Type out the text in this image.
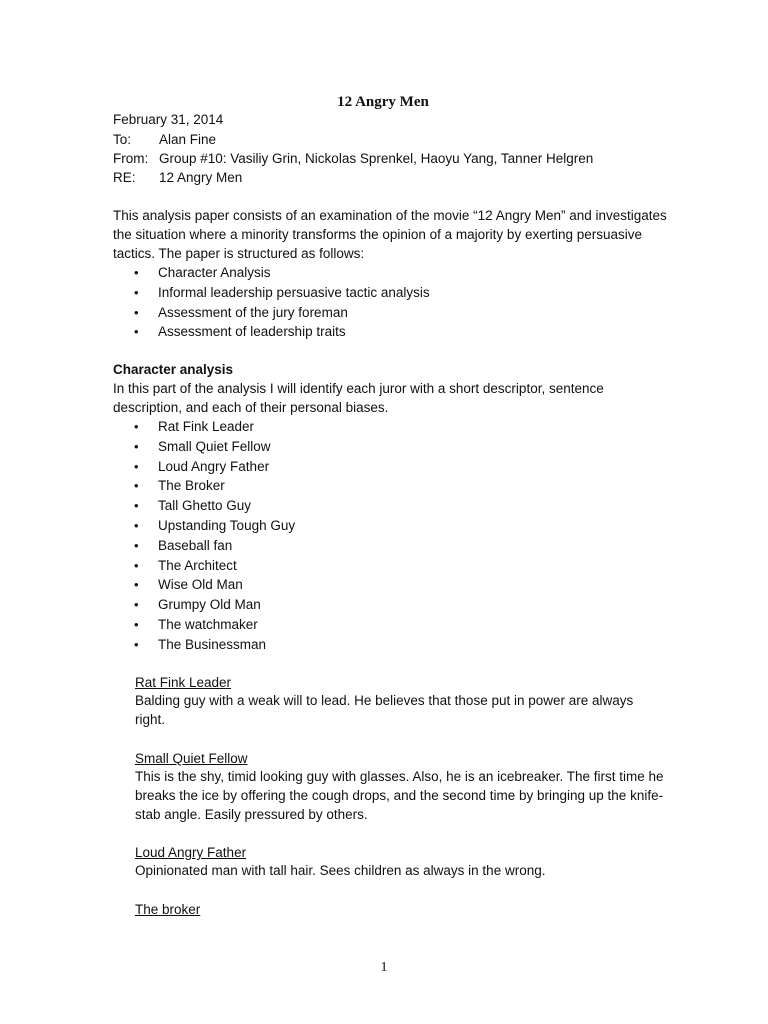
12 Angry Men
February 31, 2014
To: Alan Fine
From: Group #10: Vasiliy Grin, Nickolas Sprenkel, Haoyu Yang, Tanner Helgren
RE: 12 Angry Men
This analysis paper consists of an examination of the movie “12 Angry Men” and investigates the situation where a minority transforms the opinion of a majority by exerting persuasive tactics. The paper is structured as follows:
• Character Analysis
• Informal leadership persuasive tactic analysis
• Assessment of the jury foreman
• Assessment of leadership traits
Character analysis
In this part of the analysis I will identify each juror with a short descriptor, sentence description, and each of their personal biases.
• Rat Fink Leader
• Small Quiet Fellow
• Loud Angry Father
• The Broker
• Tall Ghetto Guy
• Upstanding Tough Guy
• Baseball fan
• The Architect
• Wise Old Man
• Grumpy Old Man
• The watchmaker
• The Businessman
Rat Fink Leader
Balding guy with a weak will to lead. He believes that those put in power are always right.
Small Quiet Fellow
This is the shy, timid looking guy with glasses. Also, he is an icebreaker. The first time he breaks the ice by offering the cough drops, and the second time by bringing up the knife-stab angle. Easily pressured by others.
Loud Angry Father
Opinionated man with tall hair. Sees children as always in the wrong.
The broker
1
